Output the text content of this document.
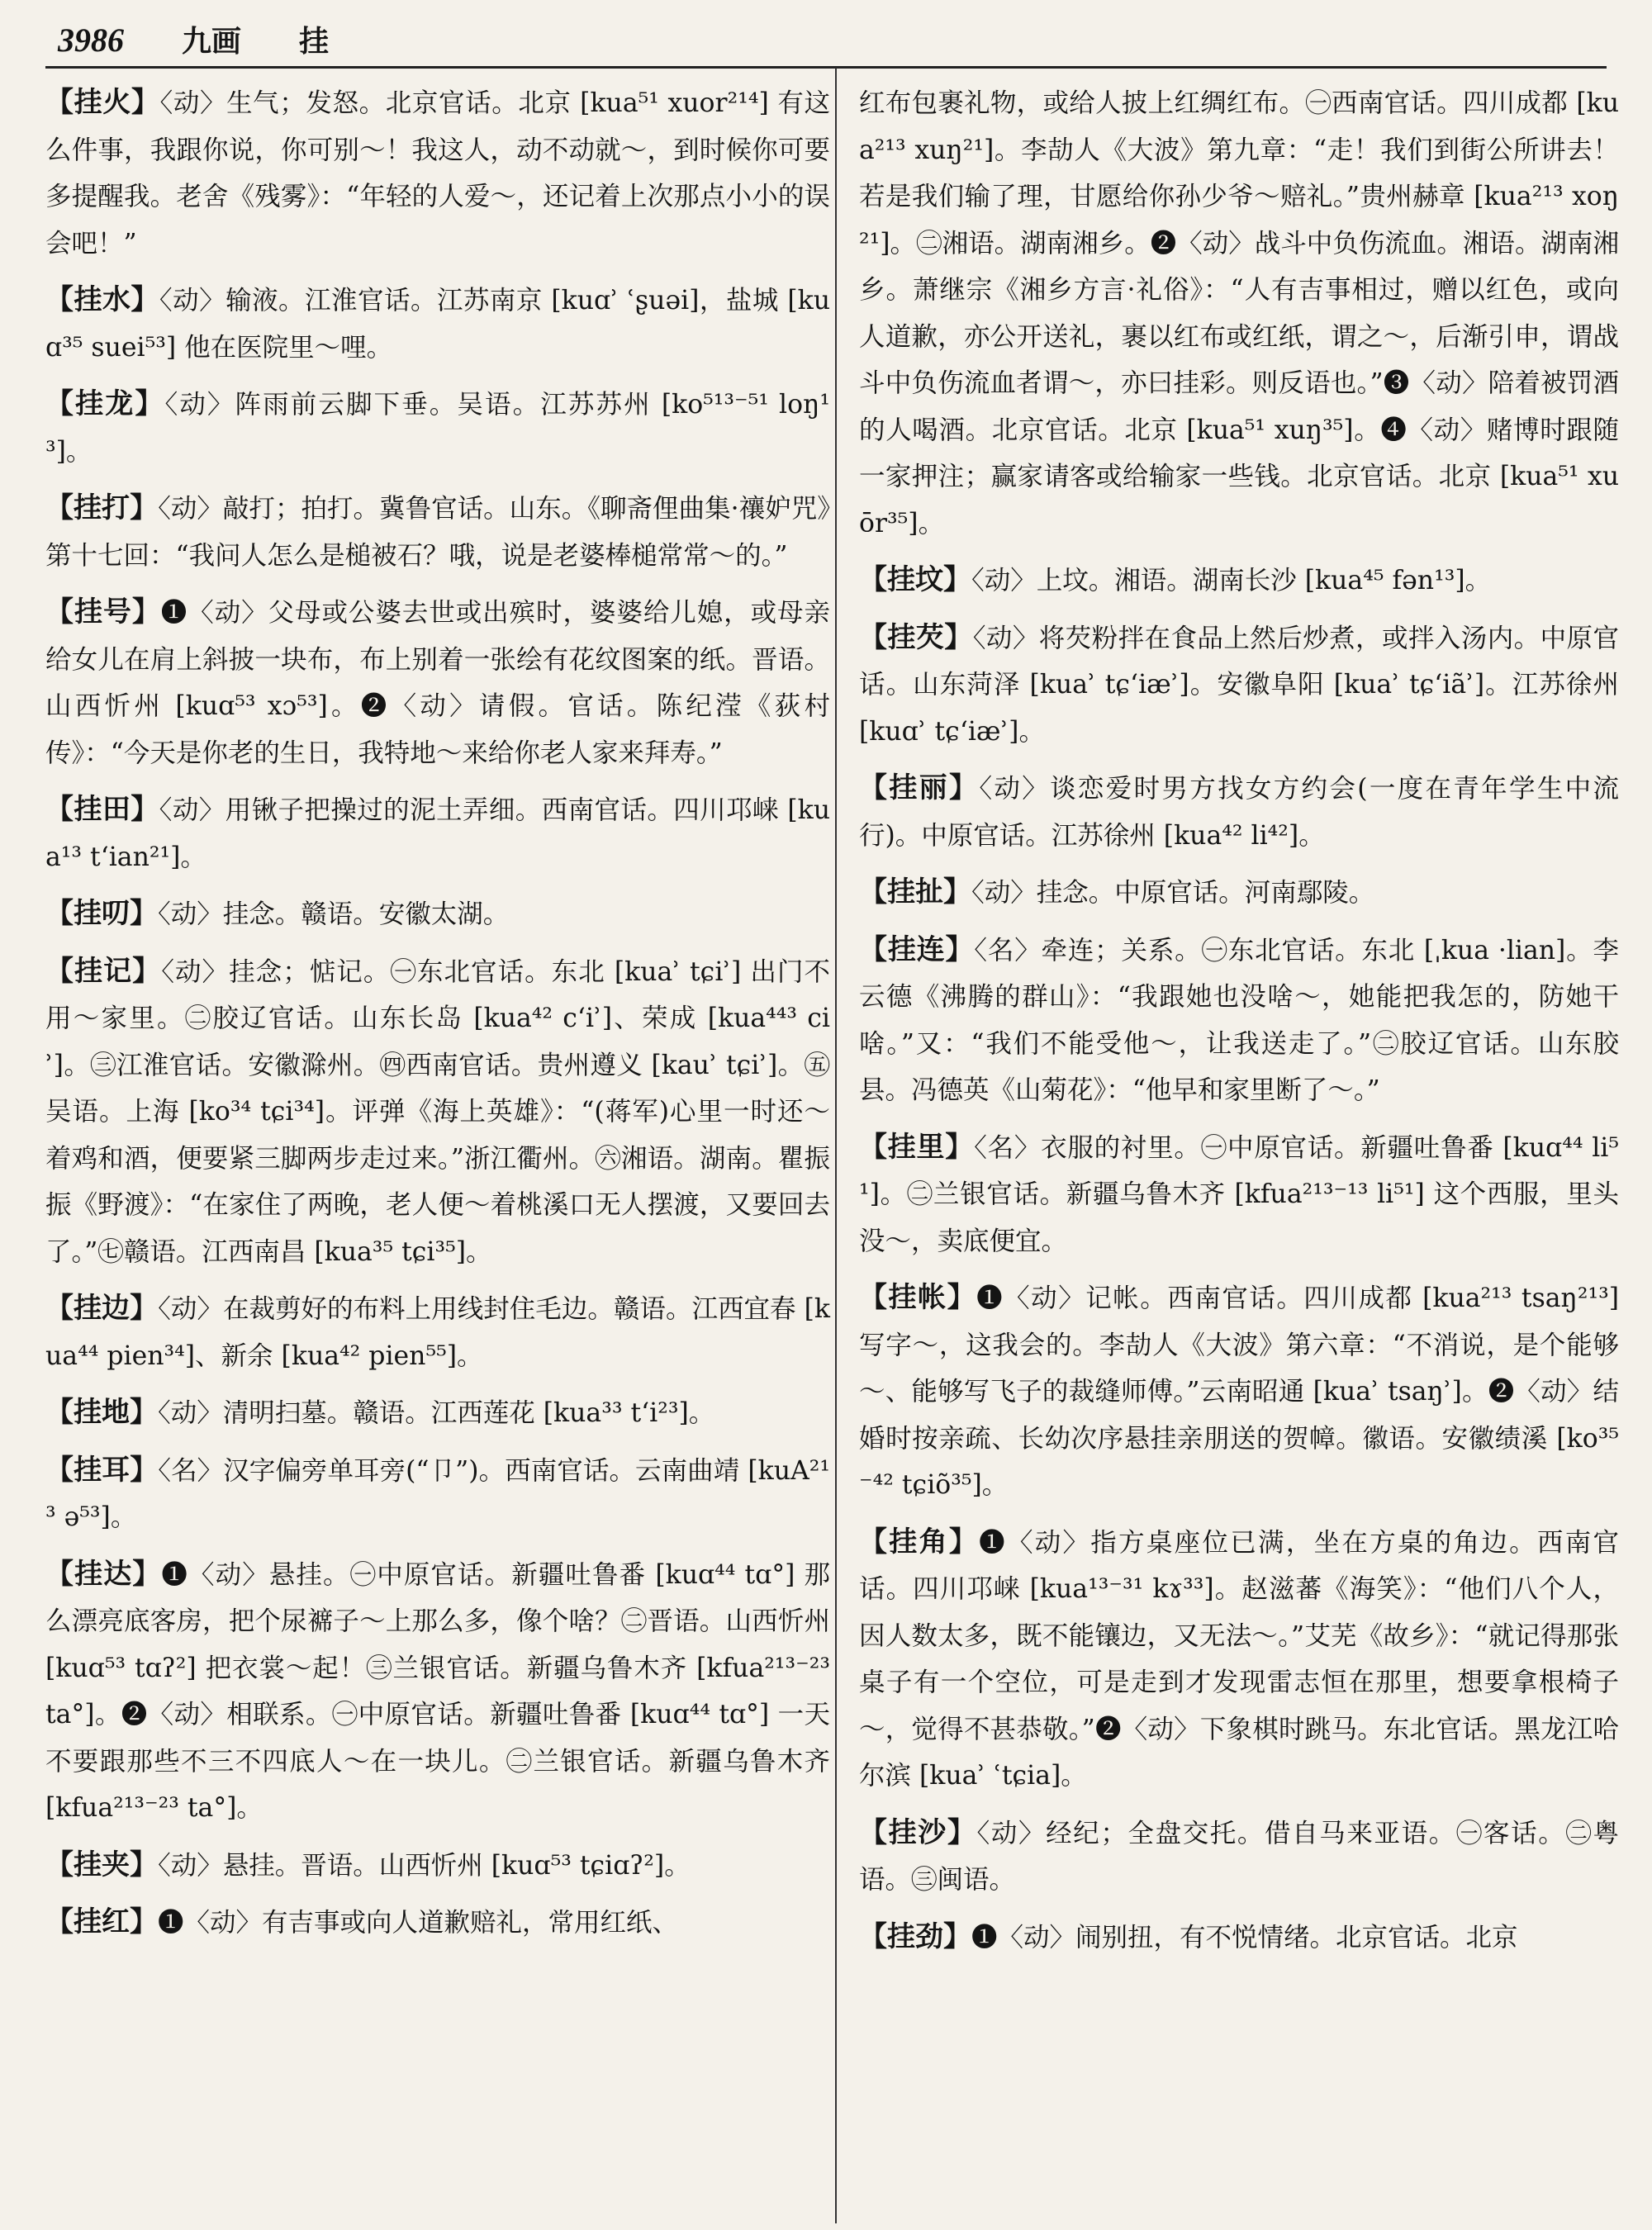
3986 九画 挂

【挂火】〈动〉生气；发怒。北京官话。北京 [kua⁵¹ xuor²¹⁴] 有这么件事，我跟你说，你可别～！我这人，动不动就～，到时候你可要多提醒我。老舍《残雾》：“年轻的人爱～，还记着上次那点小小的误会吧！”

【挂水】〈动〉输液。江淮官话。江苏南京 [kuɑʾ ʿʂuəi]，盐城 [kuɑ³⁵ suei⁵³] 他在医院里～哩。

【挂龙】〈动〉阵雨前云脚下垂。吴语。江苏苏州 [ko⁵¹³⁻⁵¹ loŋ¹³]。

【挂打】〈动〉敲打；拍打。冀鲁官话。山东。《聊斋俚曲集·禳妒咒》第十七回：“我问人怎么是槌被石？哦，说是老婆棒槌常常～的。”

【挂号】❶〈动〉父母或公婆去世或出殡时，婆婆给儿媳，或母亲给女儿在肩上斜披一块布，布上别着一张绘有花纹图案的纸。晋语。山西忻州 [kuɑ⁵³ xɔ⁵³]。❷〈动〉请假。官话。陈纪滢《荻村传》：“今天是你老的生日，我特地～来给你老人家来拜寿。”

【挂田】〈动〉用锹子把操过的泥土弄细。西南官话。四川邛崃 [kua¹³ tʻian²¹]。

【挂叨】〈动〉挂念。赣语。安徽太湖。

【挂记】〈动〉挂念；惦记。㊀东北官话。东北 [kuaʾ tɕiʾ] 出门不用～家里。㊁胶辽官话。山东长岛 [kua⁴² cʻiʾ]、荣成 [kua⁴⁴³ ciʾ]。㊂江淮官话。安徽滁州。㊃西南官话。贵州遵义 [kauʾ tɕiʾ]。㊄吴语。上海 [ko³⁴ tɕi³⁴]。评弹《海上英雄》：“(蒋军)心里一时还～着鸡和酒，便要紧三脚两步走过来。”浙江衢州。㊅湘语。湖南。瞿振振《野渡》：“在家住了两晚，老人便～着桃溪口无人摆渡，又要回去了。”㊆赣语。江西南昌 [kua³⁵ tɕi³⁵]。

【挂边】〈动〉在裁剪好的布料上用线封住毛边。赣语。江西宜春 [kua⁴⁴ pien³⁴]、新余 [kua⁴² pien⁵⁵]。

【挂地】〈动〉清明扫墓。赣语。江西莲花 [kua³³ tʻi²³]。

【挂耳】〈名〉汉字偏旁单耳旁(“卩”)。西南官话。云南曲靖 [kuA²¹³ ə⁵³]。

【挂达】❶〈动〉悬挂。㊀中原官话。新疆吐鲁番 [kuɑ⁴⁴ tɑ°] 那么漂亮底客房，把个尿褯子～上那么多，像个啥？㊁晋语。山西忻州 [kuɑ⁵³ tɑʔ²] 把衣裳～起！㊂兰银官话。新疆乌鲁木齐 [kfua²¹³⁻²³ ta°]。❷〈动〉相联系。㊀中原官话。新疆吐鲁番 [kuɑ⁴⁴ tɑ°] 一天不要跟那些不三不四底人～在一块儿。㊁兰银官话。新疆乌鲁木齐 [kfua²¹³⁻²³ ta°]。

【挂夹】〈动〉悬挂。晋语。山西忻州 [kuɑ⁵³ tɕiɑʔ²]。

【挂红】❶〈动〉有吉事或向人道歉赔礼，常用红纸、

红布包裹礼物，或给人披上红绸红布。㊀西南官话。四川成都 [kua²¹³ xuŋ²¹]。李劼人《大波》第九章：“走！我们到街公所讲去！若是我们输了理，甘愿给你孙少爷～赔礼。”贵州赫章 [kua²¹³ xoŋ²¹]。㊁湘语。湖南湘乡。❷〈动〉战斗中负伤流血。湘语。湖南湘乡。萧继宗《湘乡方言·礼俗》：“人有吉事相过，赠以红色，或向人道歉，亦公开送礼，裹以红布或红纸，谓之～，后渐引申，谓战斗中负伤流血者谓～，亦曰挂彩。则反语也。”❸〈动〉陪着被罚酒的人喝酒。北京官话。北京 [kua⁵¹ xuŋ³⁵]。❹〈动〉赌博时跟随一家押注；赢家请客或给输家一些钱。北京官话。北京 [kua⁵¹ xuōr³⁵]。

【挂坟】〈动〉上坟。湘语。湖南长沙 [kua⁴⁵ fən¹³]。

【挂芡】〈动〉将芡粉拌在食品上然后炒煮，或拌入汤内。中原官话。山东菏泽 [kuaʾ tɕʻiæʾ]。安徽阜阳 [kuaʾ tɕʻiãʾ]。江苏徐州 [kuɑʾ tɕʻiæʾ]。

【挂丽】〈动〉谈恋爱时男方找女方约会(一度在青年学生中流行)。中原官话。江苏徐州 [kua⁴² li⁴²]。

【挂扯】〈动〉挂念。中原官话。河南鄢陵。

【挂连】〈名〉牵连；关系。㊀东北官话。东北 [ˌkua ·lian]。李云德《沸腾的群山》：“我跟她也没啥～，她能把我怎的，防她干啥。”又：“我们不能受他～，让我送走了。”㊁胶辽官话。山东胶县。冯德英《山菊花》：“他早和家里断了～。”

【挂里】〈名〉衣服的衬里。㊀中原官话。新疆吐鲁番 [kuɑ⁴⁴ li⁵¹]。㊁兰银官话。新疆乌鲁木齐 [kfua²¹³⁻¹³ li⁵¹] 这个西服，里头没～，卖底便宜。

【挂帐】❶〈动〉记帐。西南官话。四川成都 [kua²¹³ tsaŋ²¹³] 写字～，这我会的。李劼人《大波》第六章：“不消说，是个能够～、能够写飞子的裁缝师傅。”云南昭通 [kuaʾ tsaŋʾ]。❷〈动〉结婚时按亲疏、长幼次序悬挂亲朋送的贺幛。徽语。安徽绩溪 [ko³⁵⁻⁴² tɕiõ³⁵]。

【挂角】❶〈动〉指方桌座位已满，坐在方桌的角边。西南官话。四川邛崃 [kua¹³⁻³¹ kɤ³³]。赵滋蕃《海笑》：“他们八个人，因人数太多，既不能镶边，又无法～。”艾芜《故乡》：“就记得那张桌子有一个空位，可是走到才发现雷志恒在那里，想要拿根椅子～，觉得不甚恭敬。”❷〈动〉下象棋时跳马。东北官话。黑龙江哈尔滨 [kuaʾ ʿtɕia]。

【挂沙】〈动〉经纪；全盘交托。借自马来亚语。㊀客话。㊁粤语。㊂闽语。

【挂劲】❶〈动〉闹别扭，有不悦情绪。北京官话。北京
